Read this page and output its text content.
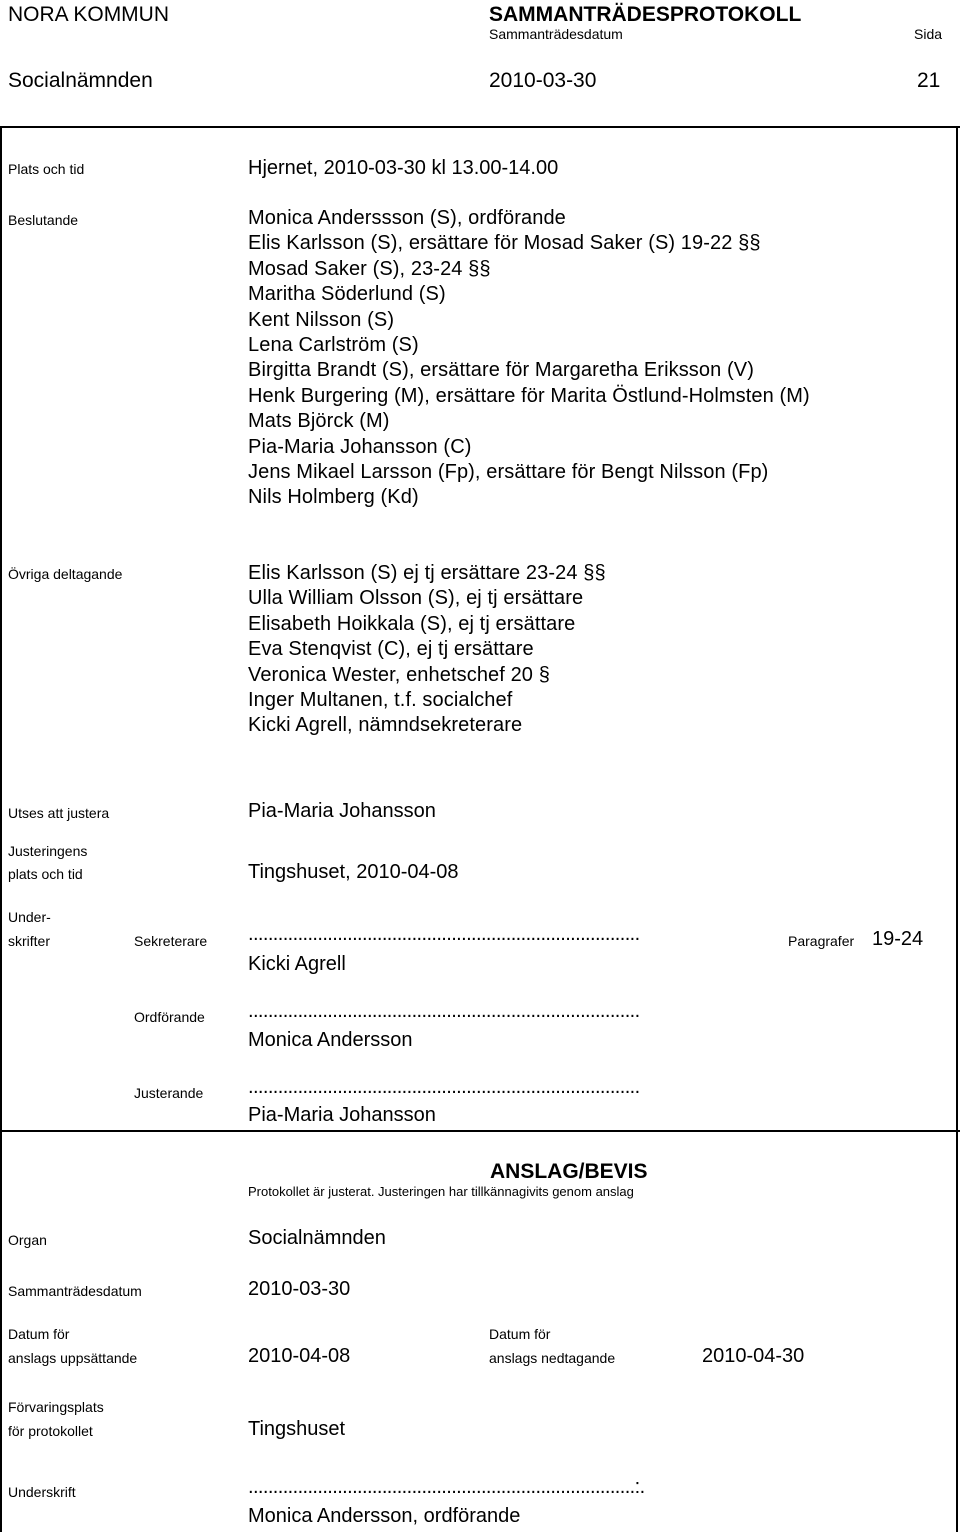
NORA KOMMUN	SAMMANTRÄDESPROTOKOLL
Sammanträdesdatum	Sida
Socialnämnden	2010-03-30	21
Plats och tid	Hjernet, 2010-03-30 kl 13.00-14.00
Beslutande	Monica Anderssson (S), ordförande
Elis Karlsson (S), ersättare för Mosad Saker (S) 19-22 §§
Mosad Saker (S), 23-24 §§
Maritha Söderlund (S)
Kent Nilsson (S)
Lena Carlström (S)
Birgitta Brandt (S), ersättare för Margaretha Eriksson (V)
Henk Burgering (M), ersättare för Marita Östlund-Holmsten (M)
Mats Björck (M)
Pia-Maria Johansson (C)
Jens Mikael Larsson (Fp), ersättare för Bengt Nilsson (Fp)
Nils Holmberg (Kd)
Övriga deltagande	Elis Karlsson (S) ej tj ersättare 23-24 §§
Ulla William Olsson (S), ej tj ersättare
Elisabeth Hoikkala (S), ej tj ersättare
Eva Stenqvist (C), ej tj ersättare
Veronica Wester, enhetschef 20 §
Inger Multanen, t.f. socialchef
Kicki Agrell, nämndsekreterare
Utses att justera	Pia-Maria Johansson
Justeringens
plats och tid	Tingshuset, 2010-04-08
Under-
skrifter	Sekreterare ...............................................................................
Kicki Agrell
Paragrafer 19-24
Ordförande ...............................................................................
Monica Andersson
Justerande ...............................................................................
Pia-Maria Johansson
ANSLAG/BEVIS
Protokollet är justerat. Justeringen har tillkännagivits genom anslag
Organ	Socialnämnden
Sammanträdesdatum	2010-03-30
Datum för
anslags uppsättande	2010-04-08
Datum för
anslags nedtagande	2010-04-30
Förvaringsplats
för protokollet	Tingshuset
Underskrift	..............................................................................:.
Monica Andersson, ordförande
